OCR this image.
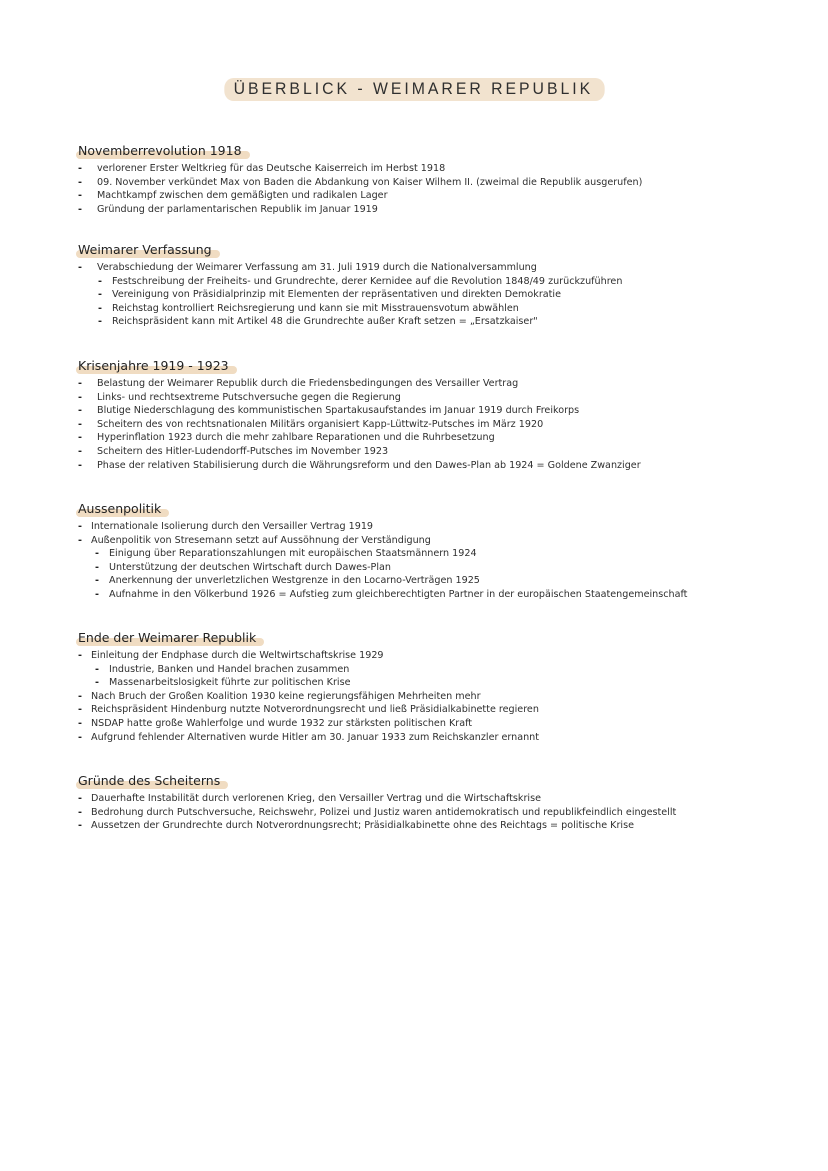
ÜBERBLICK - WEIMARER REPUBLIK
Novemberrevolution 1918
- verlorener Erster Weltkrieg für das Deutsche Kaiserreich im Herbst 1918
- 09. November verkündet Max von Baden die Abdankung von Kaiser Wilhem II. (zweimal die Republik ausgerufen)
- Machtkampf zwischen dem gemäßigten und radikalen Lager
- Gründung der parlamentarischen Republik im Januar 1919
Weimarer Verfassung
- Verabschiedung der Weimarer Verfassung am 31. Juli 1919 durch die Nationalversammlung
- Festschreibung der Freiheits- und Grundrechte, derer Kernidee auf die Revolution 1848/49 zurückzuführen
- Vereinigung von Präsidialprinzip mit Elementen der repräsentativen und direkten Demokratie
- Reichstag kontrolliert Reichsregierung und kann sie mit Misstrauensvotum abwählen
- Reichspräsident kann mit Artikel 48 die Grundrechte außer Kraft setzen = „Ersatzkaiser"
Krisenjahre 1919 - 1923
- Belastung der Weimarer Republik durch die Friedensbedingungen des Versailler Vertrag
- Links- und rechtsextreme Putschversuche gegen die Regierung
- Blutige Niederschlagung des kommunistischen Spartakusaufstandes im Januar 1919 durch Freikorps
- Scheitern des von rechtsnationalen Militärs organisiert Kapp-Lüttwitz-Putsches im März 1920
- Hyperinflation 1923 durch die mehr zahlbare Reparationen und die Ruhrbesetzung
- Scheitern des Hitler-Ludendorff-Putsches im November 1923
- Phase der relativen Stabilisierung durch die Währungsreform und den Dawes-Plan ab 1924 = Goldene Zwanziger
Aussenpolitik
- Internationale Isolierung durch den Versailler Vertrag 1919
- Außenpolitik von Stresemann setzt auf Aussöhnung der Verständigung
- Einigung über Reparationszahlungen mit europäischen Staatsmännern 1924
- Unterstützung der deutschen Wirtschaft durch Dawes-Plan
- Anerkennung der unverletzlichen Westgrenze in den Locarno-Verträgen 1925
- Aufnahme in den Völkerbund 1926 = Aufstieg zum gleichberechtigten Partner in der europäischen Staatengemeinschaft
Ende der Weimarer Republik
- Einleitung der Endphase durch die Weltwirtschaftskrise 1929
- Industrie, Banken und Handel brachen zusammen
- Massenarbeitslosigkeit führte zur politischen Krise
- Nach Bruch der Großen Koalition 1930 keine regierungsfähigen Mehrheiten mehr
- Reichspräsident Hindenburg nutzte Notverordnungsrecht und ließ Präsidialkabinette regieren
- NSDAP hatte große Wahlerfolge und wurde 1932 zur stärksten politischen Kraft
- Aufgrund fehlender Alternativen wurde Hitler am 30. Januar 1933 zum Reichskanzler ernannt
Gründe des Scheiterns
- Dauerhafte Instabilität durch verlorenen Krieg, den Versailler Vertrag und die Wirtschaftskrise
- Bedrohung durch Putschversuche, Reichswehr, Polizei und Justiz waren antidemokratisch und republikfeindlich eingestellt
- Aussetzen der Grundrechte durch Notverordnungsrecht; Präsidialkabinette ohne des Reichtags = politische Krise
